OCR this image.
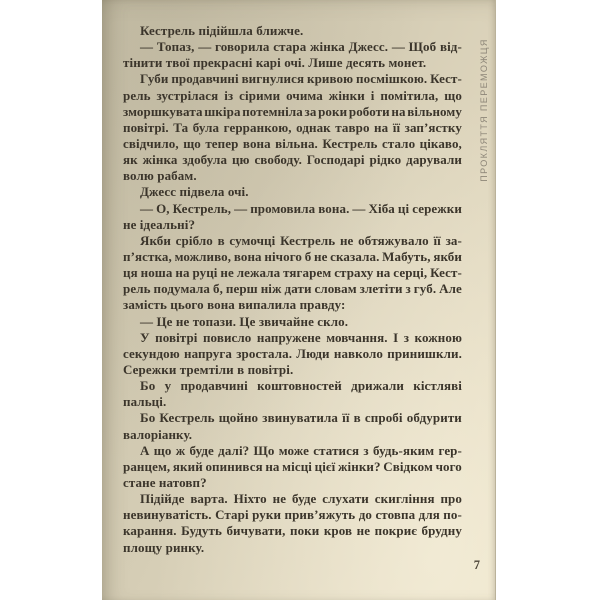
ПРОКЛЯТТЯ ПЕРЕМОЖЦЯ
Кестрель підійшла ближче.
— Топаз, — говорила стара жінка Джесс. — Щоб від-
тінити твої прекрасні карі очі. Лише десять монет.
Губи продавчині вигнулися кривою посмішкою. Кест-
рель зустрілася із сірими очима жінки і помітила, що
зморшкувата шкіра потемніла за роки роботи на вільному
повітрі. Та була герранкою, однак тавро на її зап’ястку
свідчило, що тепер вона вільна. Кестрель стало цікаво,
як жінка здобула цю свободу. Господарі рідко дарували
волю рабам.
Джесс підвела очі.
— О, Кестрель, — промовила вона. — Хіба ці сережки
не ідеальні?
Якби срібло в сумочці Кестрель не обтяжувало її за-
п’ястка, можливо, вона нічого б не сказала. Мабуть, якби
ця ноша на руці не лежала тягарем страху на серці, Кест-
рель подумала б, перш ніж дати словам злетіти з губ. Але
замість цього вона випалила правду:
— Це не топази. Це звичайне скло.
У повітрі повисло напружене мовчання. І з кожною
секундою напруга зростала. Люди навколо принишкли.
Сережки тремтіли в повітрі.
Бо у продавчині коштовностей дрижали кістляві
пальці.
Бо Кестрель щойно звинуватила її в спробі обдурити
валоріанку.
А що ж буде далі? Що може статися з будь-яким гер-
ранцем, який опинився на місці цієї жінки? Свідком чого
стане натовп?
Підійде варта. Ніхто не буде слухати скигління про
невинуватість. Старі руки прив’яжуть до стовпа для по-
карання. Будуть бичувати, поки кров не покриє брудну
площу ринку.
7
